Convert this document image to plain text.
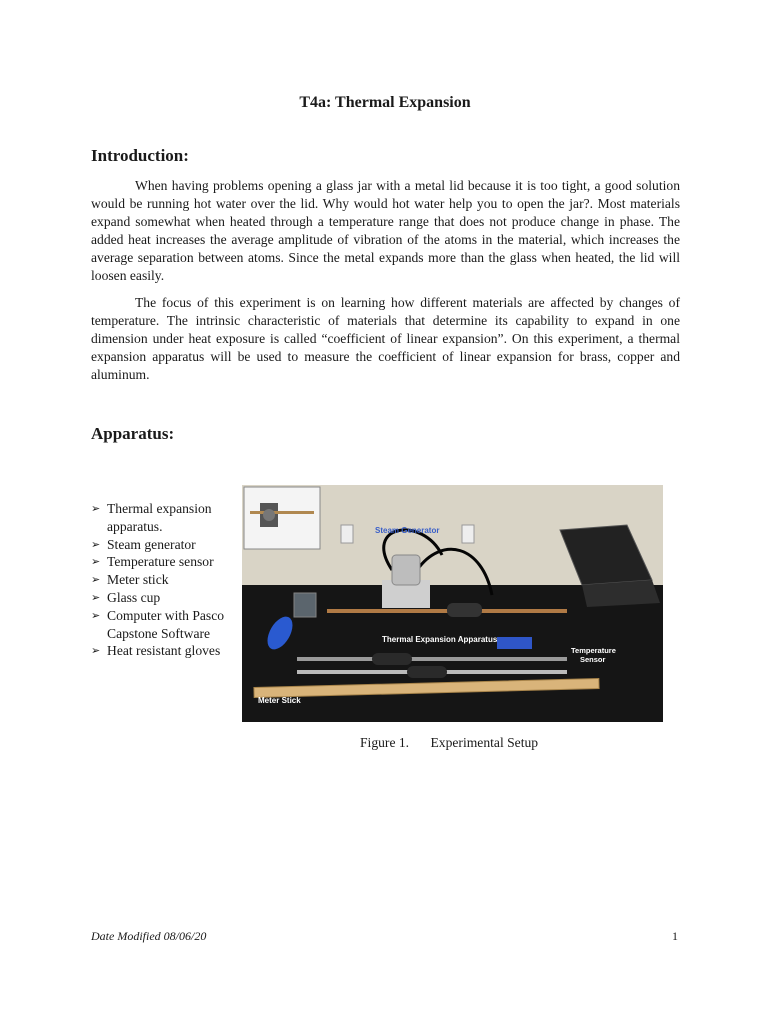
T4a: Thermal Expansion
Introduction:

When having problems opening a glass jar with a metal lid because it is too tight, a good solution would be running hot water over the lid. Why would hot water help you to open the jar?. Most materials expand somewhat when heated through a temperature range that does not produce change in phase. The added heat increases the average amplitude of vibration of the atoms in the material, which increases the average separation between atoms. Since the metal expands more than the glass when heated, the lid will loosen easily.

The focus of this experiment is on learning how different materials are affected by changes of temperature. The intrinsic characteristic of materials that determine its capability to expand in one dimension under heat exposure is called “coefficient of linear expansion”. On this experiment, a thermal expansion apparatus will be used to measure the coefficient of linear expansion for brass, copper and aluminum.

Apparatus:
➢ Thermal expansion apparatus.
➢ Steam generator
➢ Temperature sensor
➢ Meter stick
➢ Glass cup
➢ Computer with Pasco Capstone Software
➢ Heat resistant gloves
Steam Generator
Thermal Expansion Apparatus
Temperature
Sensor
Meter Stick
Figure 1. Experimental Setup
Date Modified 08/06/20	1
